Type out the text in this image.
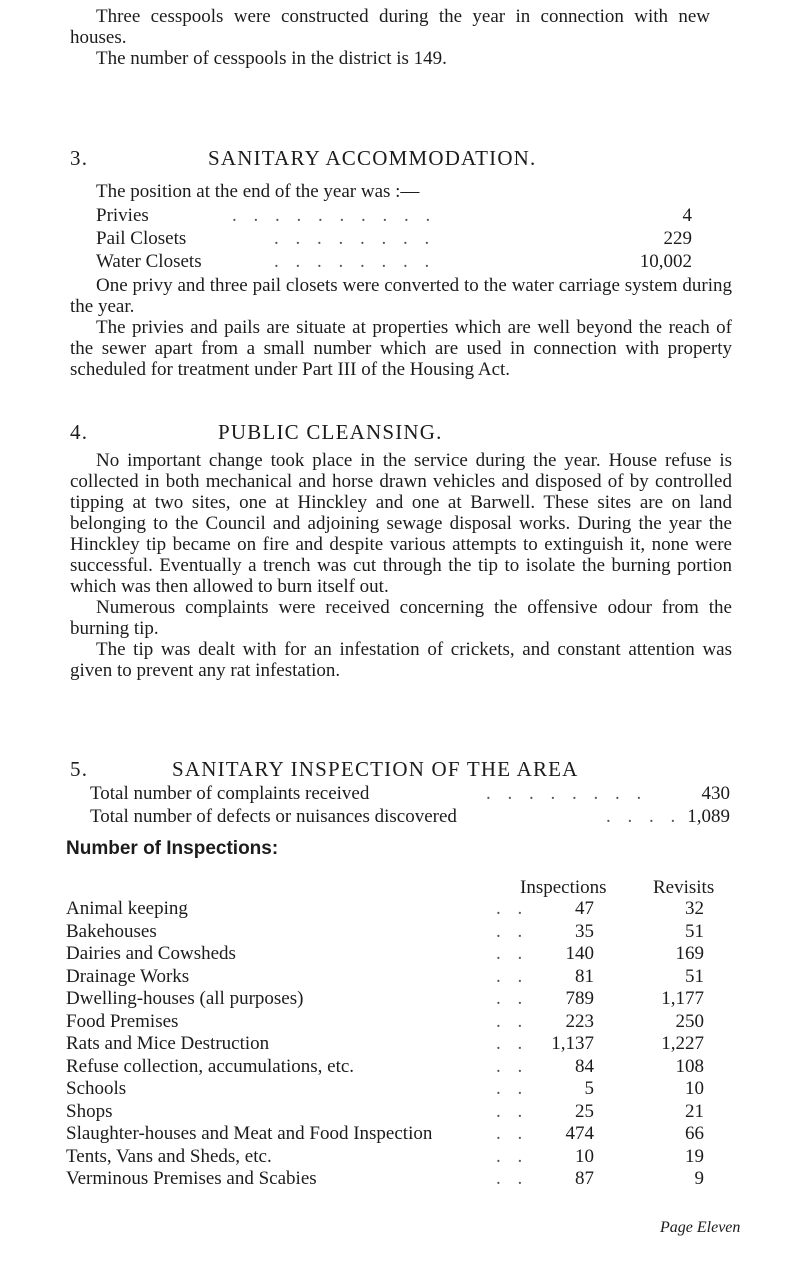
Three cesspools were constructed during the year in connection with new houses.

The number of cesspools in the district is 149.

3.	SANITARY ACCOMMODATION.

The position at the end of the year was :—

Privies	. . . . . . . . . .	4
Pail Closets	. . . . . . . .	229
Water Closets	. . . . . . . .	10,002

One privy and three pail closets were converted to the water carriage system during the year.

The privies and pails are situate at properties which are well beyond the reach of the sewer apart from a small number which are used in connection with property scheduled for treatment under Part III of the Housing Act.

4.	PUBLIC CLEANSING.

No important change took place in the service during the year. House refuse is collected in both mechanical and horse drawn vehicles and disposed of by controlled tipping at two sites, one at Hinckley and one at Barwell. These sites are on land belonging to the Council and adjoining sewage disposal works. During the year the Hinckley tip became on fire and despite various attempts to extinguish it, none were successful. Eventually a trench was cut through the tip to isolate the burning portion which was then allowed to burn itself out.

Numerous complaints were received concerning the offensive odour from the burning tip.

The tip was dealt with for an infestation of crickets, and constant attention was given to prevent any rat infestation.

5.	SANITARY INSPECTION OF THE AREA
Total number of complaints received	. . . . . . . .	430
Total number of defects or nuisances discovered	. . . . 1,089

Number of Inspections:

Inspections Revisits
Animal keeping	. .	47	32
Bakehouses	. .	35	51
Dairies and Cowsheds	. .	140	169
Drainage Works	. .	81	51
Dwelling-houses (all purposes)	. .	789	1,177
Food Premises	. .	223	250
Rats and Mice Destruction	. .	1,137	1,227
Refuse collection, accumulations, etc.	. .	84	108
Schools	. .	5	10
Shops	. .	25	21
Slaughter-houses and Meat and Food Inspection	. .	474	66
Tents, Vans and Sheds, etc.	. .	10	19
Verminous Premises and Scabies	. .	87	9

Page Eleven
